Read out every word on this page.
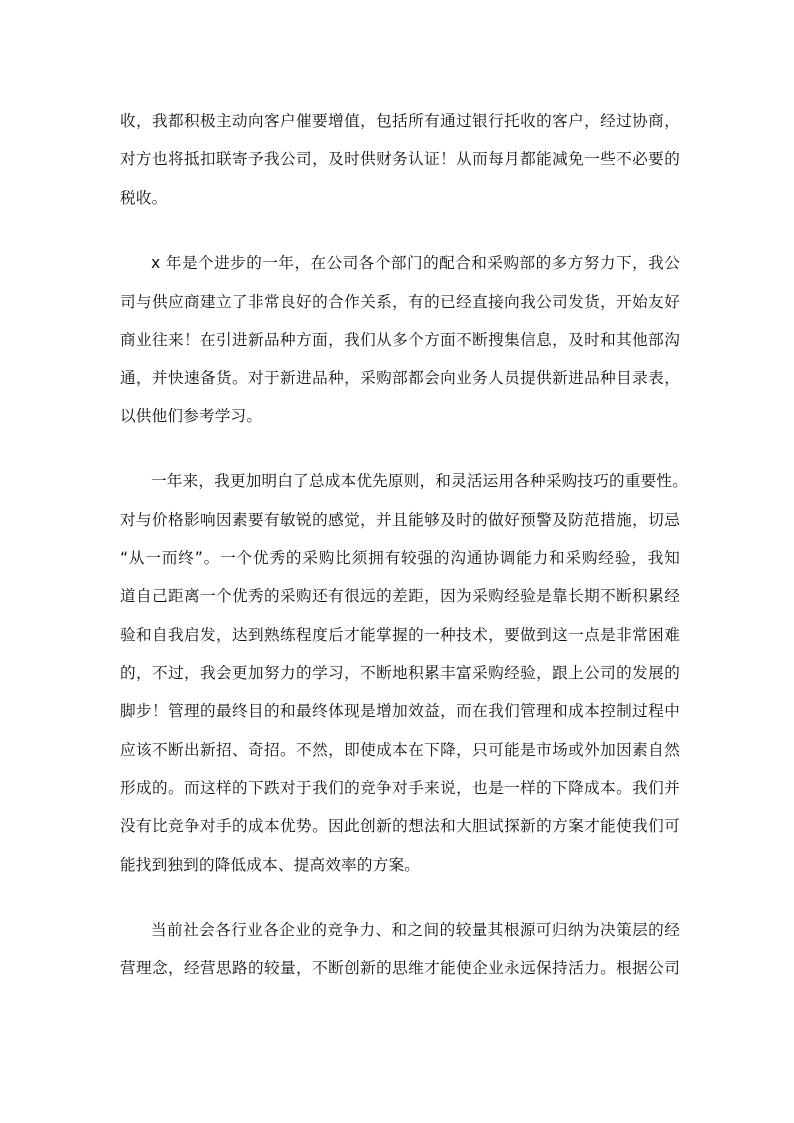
收，我都积极主动向客户催要增值，包括所有通过银行托收的客户，经过协商，
对方也将抵扣联寄予我公司，及时供财务认证！从而每月都能减免一些不必要的
税收。
x 年是个进步的一年，在公司各个部门的配合和采购部的多方努力下，我公
司与供应商建立了非常良好的合作关系，有的已经直接向我公司发货，开始友好
商业往来！在引进新品种方面，我们从多个方面不断搜集信息，及时和其他部沟
通，并快速备货。对于新进品种，采购部都会向业务人员提供新进品种目录表，
以供他们参考学习。
一年来，我更加明白了总成本优先原则，和灵活运用各种采购技巧的重要性。
对与价格影响因素要有敏锐的感觉，并且能够及时的做好预警及防范措施，切忌
“从一而终”。一个优秀的采购比须拥有较强的沟通协调能力和采购经验，我知
道自己距离一个优秀的采购还有很远的差距，因为采购经验是靠长期不断积累经
验和自我启发，达到熟练程度后才能掌握的一种技术，要做到这一点是非常困难
的，不过，我会更加努力的学习，不断地积累丰富采购经验，跟上公司的发展的
脚步！管理的最终目的和最终体现是增加效益，而在我们管理和成本控制过程中
应该不断出新招、奇招。不然，即使成本在下降，只可能是市场或外加因素自然
形成的。而这样的下跌对于我们的竞争对手来说，也是一样的下降成本。我们并
没有比竞争对手的成本优势。因此创新的想法和大胆试探新的方案才能使我们可
能找到独到的降低成本、提高效率的方案。
当前社会各行业各企业的竞争力、和之间的较量其根源可归纳为决策层的经
营理念，经营思路的较量，不断创新的思维才能使企业永远保持活力。根据公司
